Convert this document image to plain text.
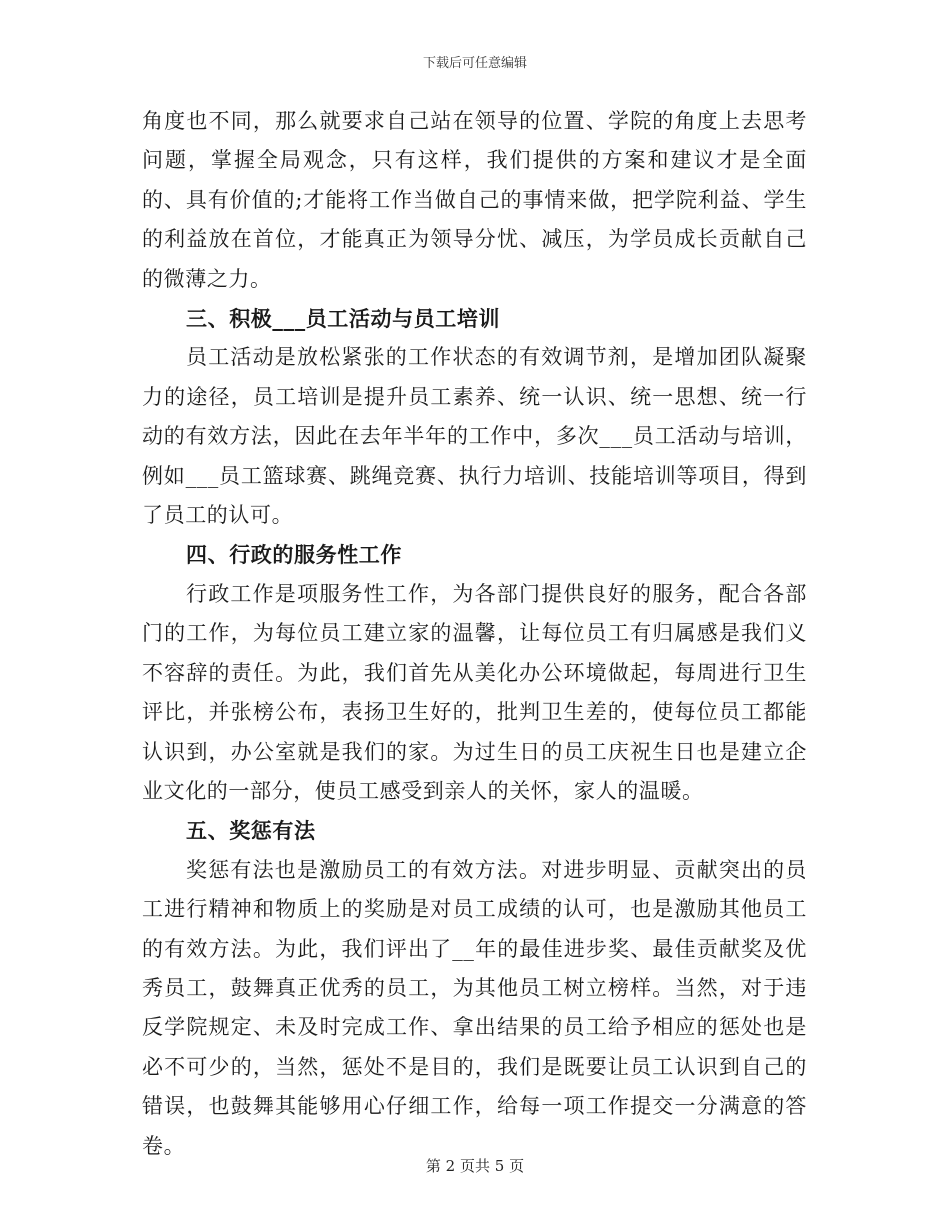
下载后可任意编辑

角度也不同，那么就要求自己站在领导的位置、学院的角度上去思考问题，掌握全局观念，只有这样，我们提供的方案和建议才是全面的、具有价值的;才能将工作当做自己的事情来做，把学院利益、学生的利益放在首位，才能真正为领导分忧、减压，为学员成长贡献自己的微薄之力。

三、积极___员工活动与员工培训

员工活动是放松紧张的工作状态的有效调节剂，是增加团队凝聚力的途径，员工培训是提升员工素养、统一认识、统一思想、统一行动的有效方法，因此在去年半年的工作中，多次___员工活动与培训，例如___员工篮球赛、跳绳竞赛、执行力培训、技能培训等项目，得到了员工的认可。

四、行政的服务性工作

行政工作是项服务性工作，为各部门提供良好的服务，配合各部门的工作，为每位员工建立家的温馨，让每位员工有归属感是我们义不容辞的责任。为此，我们首先从美化办公环境做起，每周进行卫生评比，并张榜公布，表扬卫生好的，批判卫生差的，使每位员工都能认识到，办公室就是我们的家。为过生日的员工庆祝生日也是建立企业文化的一部分，使员工感受到亲人的关怀，家人的温暖。

五、奖惩有法

奖惩有法也是激励员工的有效方法。对进步明显、贡献突出的员工进行精神和物质上的奖励是对员工成绩的认可，也是激励其他员工的有效方法。为此，我们评出了__年的最佳进步奖、最佳贡献奖及优秀员工，鼓舞真正优秀的员工，为其他员工树立榜样。当然，对于违反学院规定、未及时完成工作、拿出结果的员工给予相应的惩处也是必不可少的，当然，惩处不是目的，我们是既要让员工认识到自己的错误，也鼓舞其能够用心仔细工作，给每一项工作提交一分满意的答卷。

第 2 页共 5 页
